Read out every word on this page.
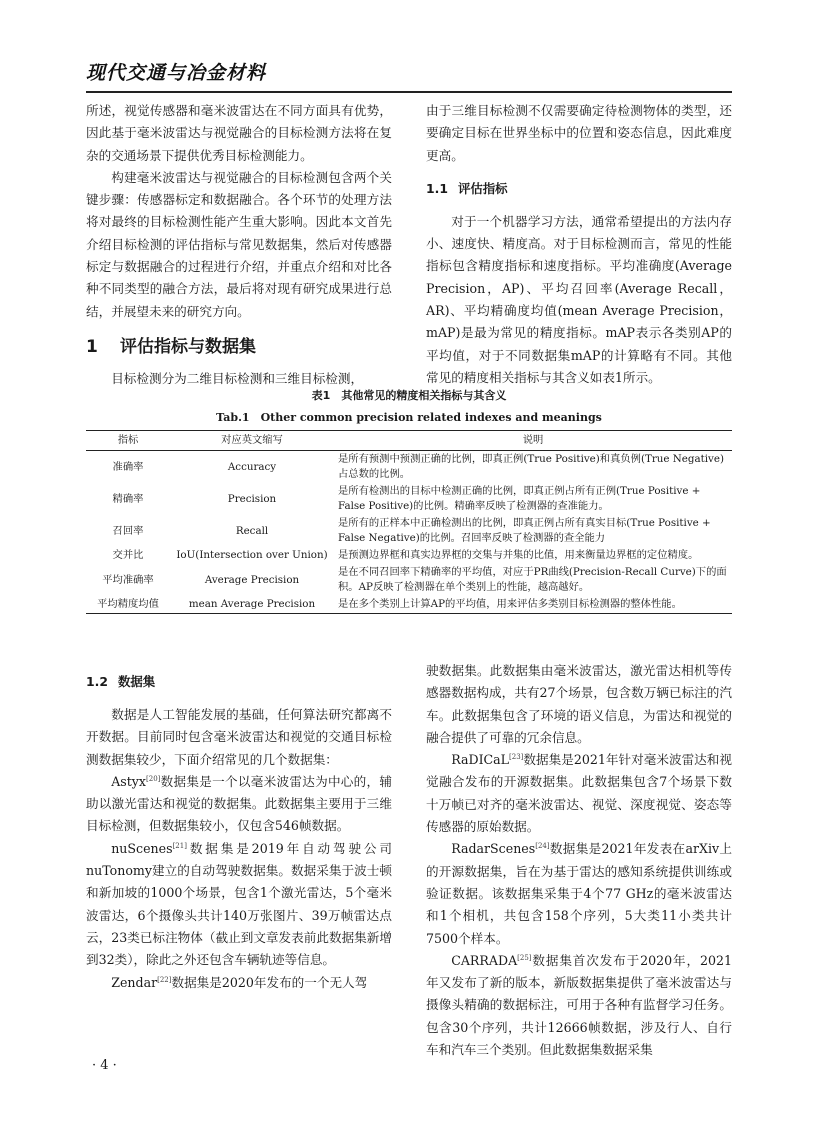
现代交通与冶金材料

所述，视觉传感器和毫米波雷达在不同方面具有优势，因此基于毫米波雷达与视觉融合的目标检测方法将在复杂的交通场景下提供优秀目标检测能力。

构建毫米波雷达与视觉融合的目标检测包含两个关键步骤：传感器标定和数据融合。各个环节的处理方法将对最终的目标检测性能产生重大影响。因此本文首先介绍目标检测的评估指标与常见数据集，然后对传感器标定与数据融合的过程进行介绍，并重点介绍和对比各种不同类型的融合方法，最后将对现有研究成果进行总结，并展望未来的研究方向。

1 评估指标与数据集

目标检测分为二维目标检测和三维目标检测，

由于三维目标检测不仅需要确定待检测物体的类型，还要确定目标在世界坐标中的位置和姿态信息，因此难度更高。

1.1 评估指标

对于一个机器学习方法，通常希望提出的方法内存小、速度快、精度高。对于目标检测而言，常见的性能指标包含精度指标和速度指标。平均准确度(Average Precision，AP)、平均召回率(Average Recall，AR)、平均精确度均值(mean Average Precision，mAP)是最为常见的精度指标。mAP表示各类别AP的平均值，对于不同数据集mAP的计算略有不同。其他常见的精度相关指标与其含义如表1所示。

表1　其他常见的精度相关指标与其含义
Tab.1　Other common precision related indexes and meanings
指标	对应英文缩写	说明
准确率	Accuracy	是所有预测中预测正确的比例，即真正例(True Positive)和真负例(True Negative)占总数的比例。
精确率	Precision	是所有检测出的目标中检测正确的比例，即真正例占所有正例(True Positive + False Positive)的比例。精确率反映了检测器的查准能力。
召回率	Recall	是所有的正样本中正确检测出的比例，即真正例占所有真实目标(True Positive + False Negative)的比例。召回率反映了检测器的查全能力
交并比	IoU(Intersection over Union)	是预测边界框和真实边界框的交集与并集的比值，用来衡量边界框的定位精度。
平均准确率	Average Precision	是在不同召回率下精确率的平均值，对应于PR曲线(Precision-Recall Curve)下的面积。AP反映了检测器在单个类别上的性能，越高越好。
平均精度均值	mean Average Precision	是在多个类别上计算AP的平均值，用来评估多类别目标检测器的整体性能。
1.2 数据集

数据是人工智能发展的基础，任何算法研究都离不开数据。目前同时包含毫米波雷达和视觉的交通目标检测数据集较少，下面介绍常见的几个数据集：

Astyx[20]数据集是一个以毫米波雷达为中心的，辅助以激光雷达和视觉的数据集。此数据集主要用于三维目标检测，但数据集较小，仅包含546帧数据。

nuScenes[21]数据集是2019年自动驾驶公司nuTonomy建立的自动驾驶数据集。数据采集于波士顿和新加坡的1000个场景，包含1个激光雷达，5个毫米波雷达，6个摄像头共计140万张图片、39万帧雷达点云，23类已标注物体（截止到文章发表前此数据集新增到32类），除此之外还包含车辆轨迹等信息。

Zendar[22]数据集是2020年发布的一个无人驾

驶数据集。此数据集由毫米波雷达，激光雷达相机等传感器数据构成，共有27个场景，包含数万辆已标注的汽车。此数据集包含了环境的语义信息，为雷达和视觉的融合提供了可靠的冗余信息。

RaDICaL[23]数据集是2021年针对毫米波雷达和视觉融合发布的开源数据集。此数据集包含7个场景下数十万帧已对齐的毫米波雷达、视觉、深度视觉、姿态等传感器的原始数据。

RadarScenes[24]数据集是2021年发表在arXiv上的开源数据集，旨在为基于雷达的感知系统提供训练或验证数据。该数据集采集于4个77 GHz的毫米波雷达和1个相机，共包含158个序列，5大类11小类共计7500个样本。

CARRADA[25]数据集首次发布于2020年，2021年又发布了新的版本，新版数据集提供了毫米波雷达与摄像头精确的数据标注，可用于各种有监督学习任务。包含30个序列，共计12666帧数据，涉及行人、自行车和汽车三个类别。但此数据集数据采集

· 4 ·
